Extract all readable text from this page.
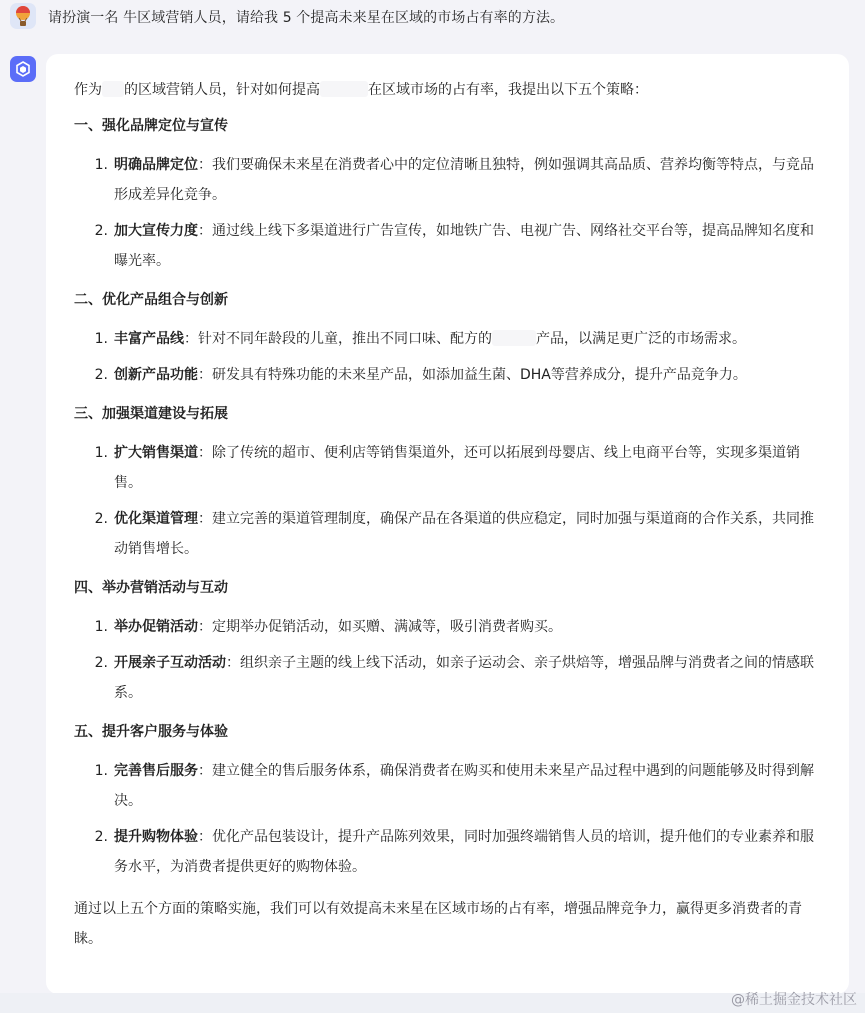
请扮演一名 牛区域营销人员，请给我 5 个提高未来星在区域的市场占有率的方法。

作为 的区域营销人员，针对如何提高	在区域市场的占有率，我提出以下五个策略：

一、强化品牌定位与宣传
1. 明确品牌定位：我们要确保未来星在消费者心中的定位清晰且独特，例如强调其高品质、营养均衡等特点，与竞品形成差异化竞争。
2. 加大宣传力度：通过线上线下多渠道进行广告宣传，如地铁广告、电视广告、网络社交平台等，提高品牌知名度和曝光率。
二、优化产品组合与创新
1. 丰富产品线：针对不同年龄段的儿童，推出不同口味、配方的	产品，以满足更广泛的市场需求。
2. 创新产品功能：研发具有特殊功能的未来星产品，如添加益生菌、DHA等营养成分，提升产品竞争力。
三、加强渠道建设与拓展
1. 扩大销售渠道：除了传统的超市、便利店等销售渠道外，还可以拓展到母婴店、线上电商平台等，实现多渠道销售。
2. 优化渠道管理：建立完善的渠道管理制度，确保产品在各渠道的供应稳定，同时加强与渠道商的合作关系，共同推动销售增长。
四、举办营销活动与互动
1. 举办促销活动：定期举办促销活动，如买赠、满减等，吸引消费者购买。
2. 开展亲子互动活动：组织亲子主题的线上线下活动，如亲子运动会、亲子烘焙等，增强品牌与消费者之间的情感联系。
五、提升客户服务与体验
1. 完善售后服务：建立健全的售后服务体系，确保消费者在购买和使用未来星产品过程中遇到的问题能够及时得到解决。
2. 提升购物体验：优化产品包装设计，提升产品陈列效果，同时加强终端销售人员的培训，提升他们的专业素养和服务水平，为消费者提供更好的购物体验。
通过以上五个方面的策略实施，我们可以有效提高未来星在区域市场的占有率，增强品牌竞争力，赢得更多消费者的青睐。
@稀土掘金技术社区
